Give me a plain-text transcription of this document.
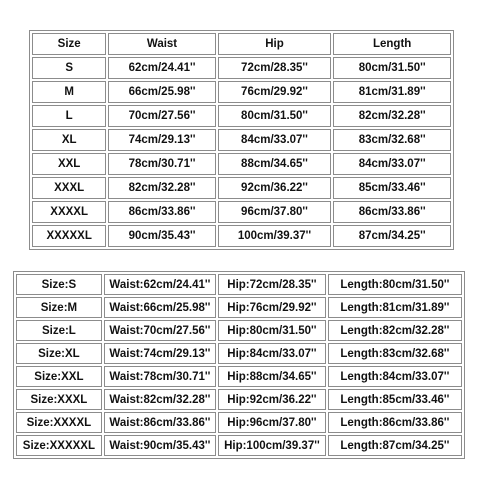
Size	Waist	Hip	Length
S	62cm/24.41''	72cm/28.35''	80cm/31.50''
M	66cm/25.98''	76cm/29.92''	81cm/31.89''
L	70cm/27.56''	80cm/31.50''	82cm/32.28''
XL	74cm/29.13''	84cm/33.07''	83cm/32.68''
XXL	78cm/30.71''	88cm/34.65''	84cm/33.07''
XXXL	82cm/32.28''	92cm/36.22''	85cm/33.46''
XXXXL	86cm/33.86''	96cm/37.80''	86cm/33.86''
XXXXXL	90cm/35.43''	100cm/39.37''	87cm/34.25''
Size:S	Waist:62cm/24.41''	Hip:72cm/28.35''	Length:80cm/31.50''
Size:M	Waist:66cm/25.98''	Hip:76cm/29.92''	Length:81cm/31.89''
Size:L	Waist:70cm/27.56''	Hip:80cm/31.50''	Length:82cm/32.28''
Size:XL	Waist:74cm/29.13''	Hip:84cm/33.07''	Length:83cm/32.68''
Size:XXL	Waist:78cm/30.71''	Hip:88cm/34.65''	Length:84cm/33.07''
Size:XXXL	Waist:82cm/32.28''	Hip:92cm/36.22''	Length:85cm/33.46''
Size:XXXXL	Waist:86cm/33.86''	Hip:96cm/37.80''	Length:86cm/33.86''
Size:XXXXXL	Waist:90cm/35.43''	Hip:100cm/39.37''	Length:87cm/34.25''
